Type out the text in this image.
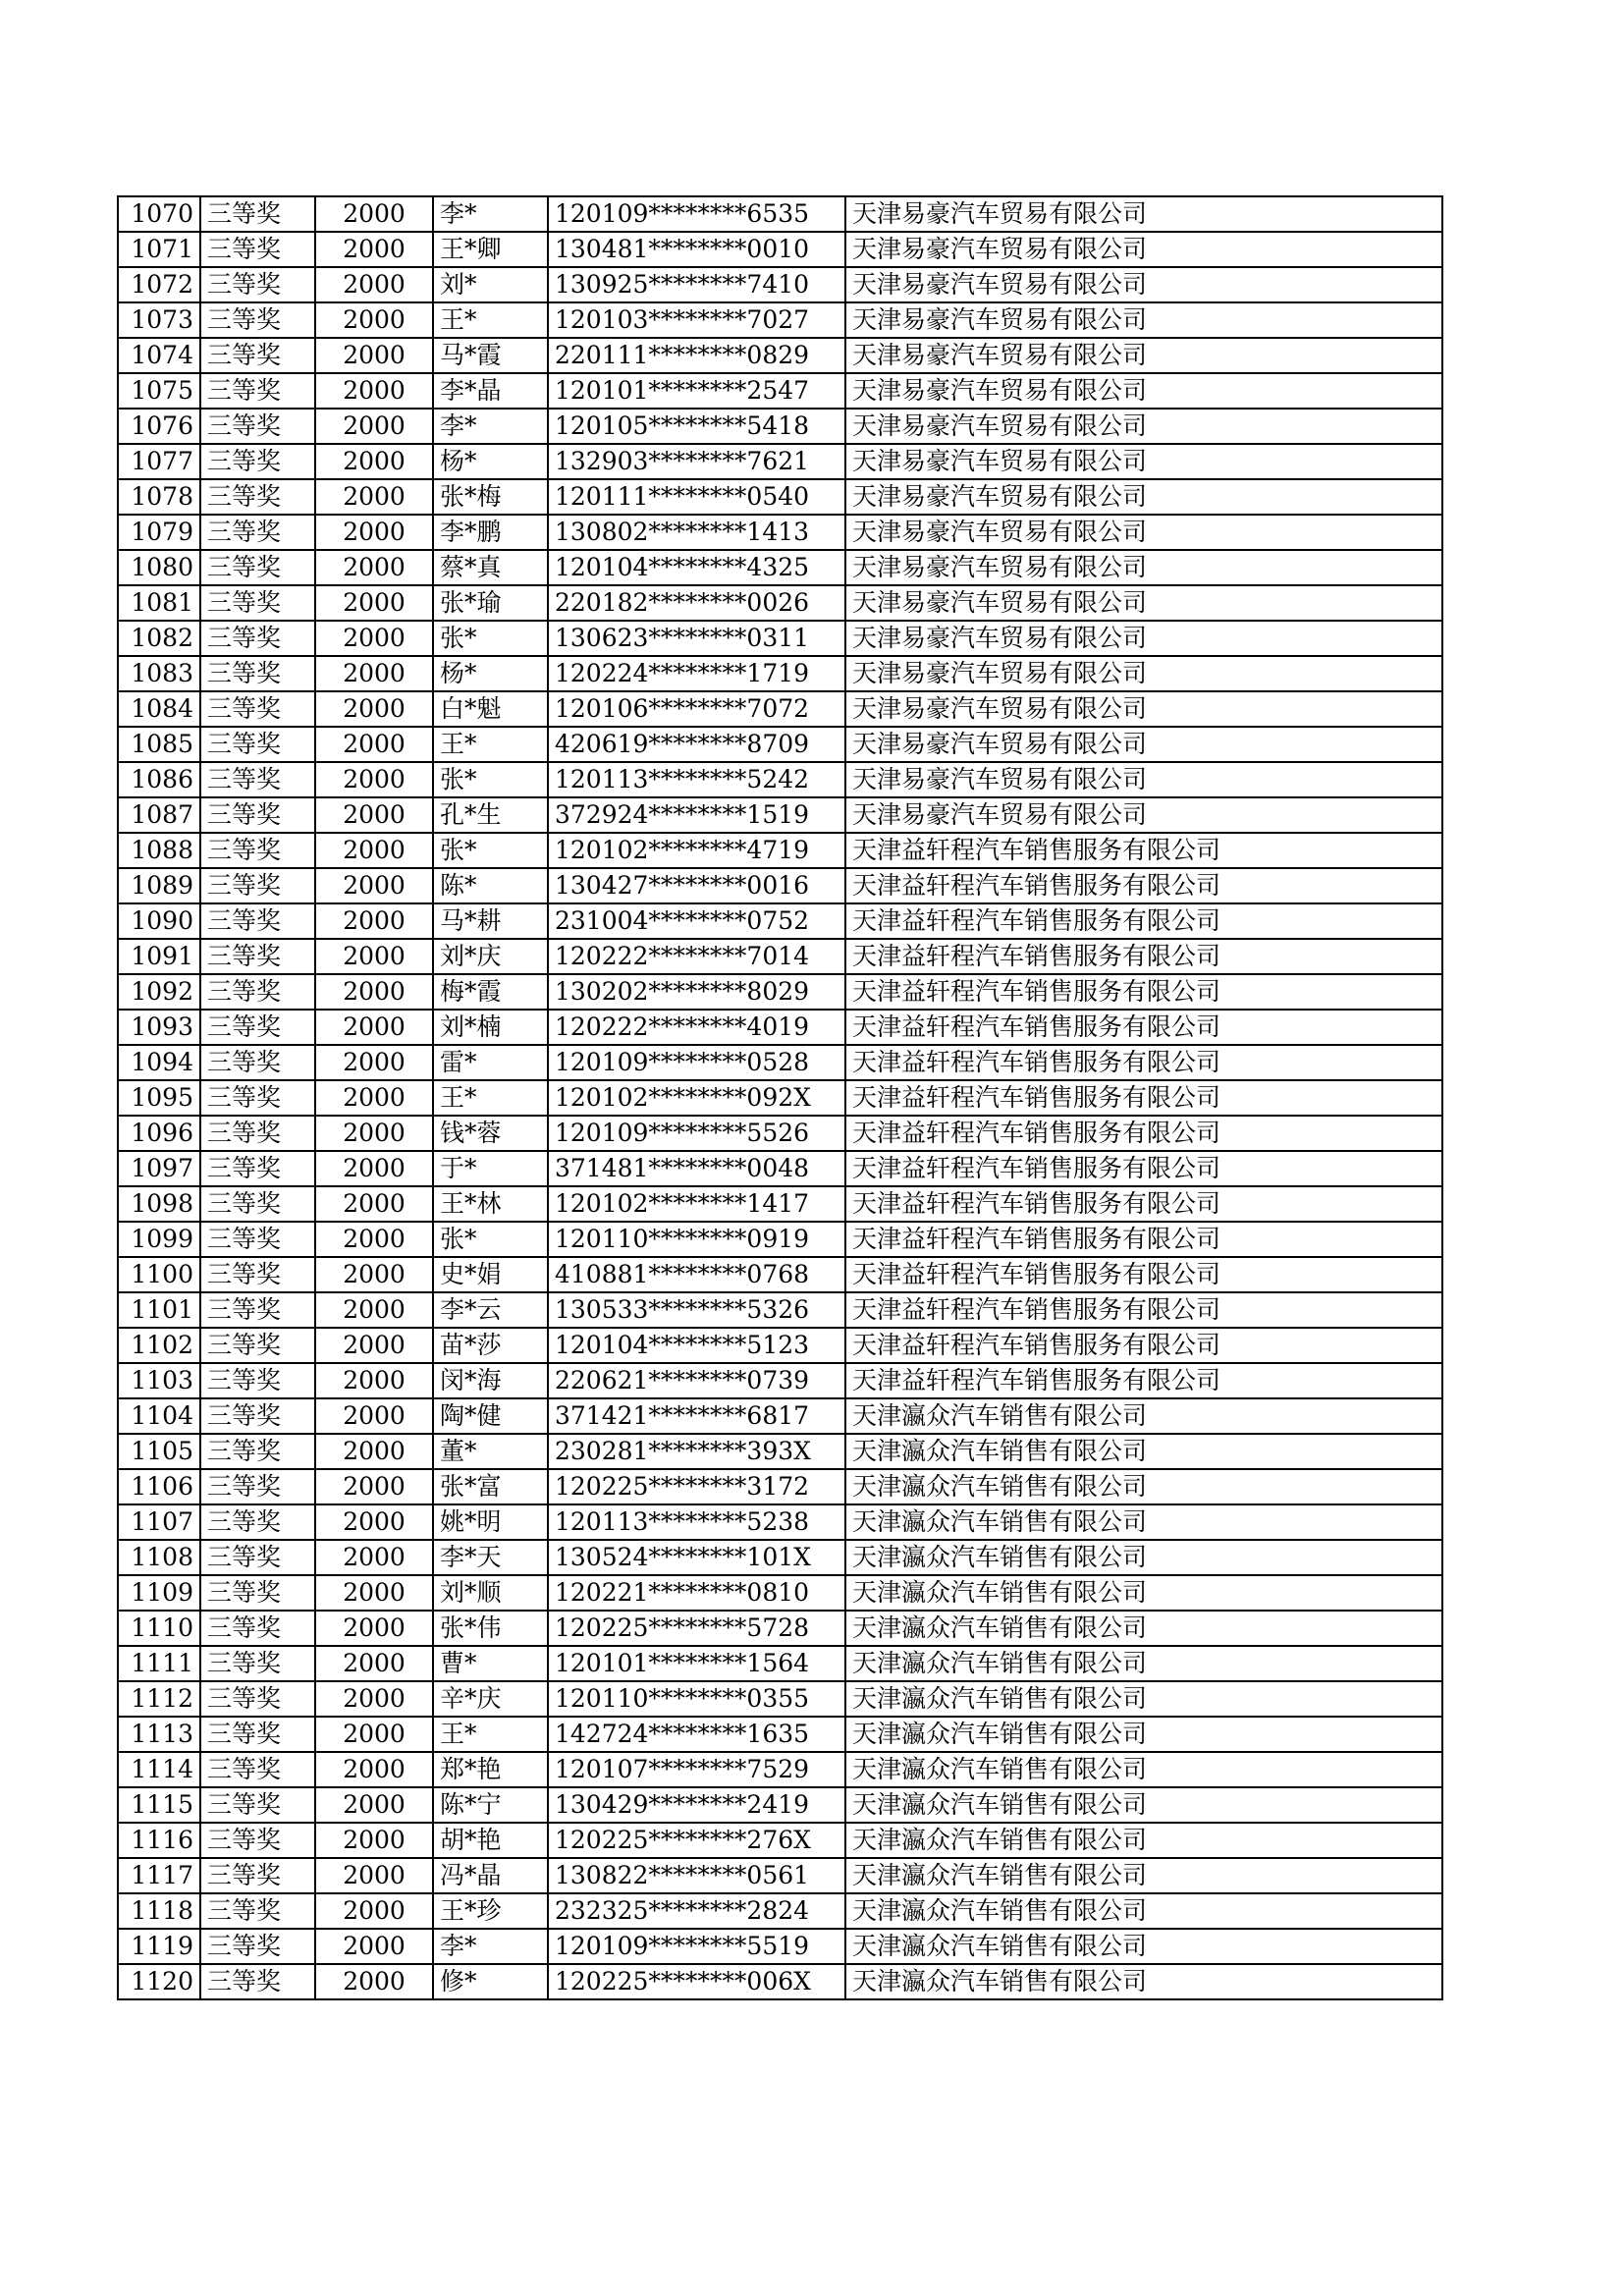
1070	三等奖	2000	李*	120109********6535	天津易豪汽车贸易有限公司
1071	三等奖	2000	王*卿	130481********0010	天津易豪汽车贸易有限公司
1072	三等奖	2000	刘*	130925********7410	天津易豪汽车贸易有限公司
1073	三等奖	2000	王*	120103********7027	天津易豪汽车贸易有限公司
1074	三等奖	2000	马*霞	220111********0829	天津易豪汽车贸易有限公司
1075	三等奖	2000	李*晶	120101********2547	天津易豪汽车贸易有限公司
1076	三等奖	2000	李*	120105********5418	天津易豪汽车贸易有限公司
1077	三等奖	2000	杨*	132903********7621	天津易豪汽车贸易有限公司
1078	三等奖	2000	张*梅	120111********0540	天津易豪汽车贸易有限公司
1079	三等奖	2000	李*鹏	130802********1413	天津易豪汽车贸易有限公司
1080	三等奖	2000	蔡*真	120104********4325	天津易豪汽车贸易有限公司
1081	三等奖	2000	张*瑜	220182********0026	天津易豪汽车贸易有限公司
1082	三等奖	2000	张*	130623********0311	天津易豪汽车贸易有限公司
1083	三等奖	2000	杨*	120224********1719	天津易豪汽车贸易有限公司
1084	三等奖	2000	白*魁	120106********7072	天津易豪汽车贸易有限公司
1085	三等奖	2000	王*	420619********8709	天津易豪汽车贸易有限公司
1086	三等奖	2000	张*	120113********5242	天津易豪汽车贸易有限公司
1087	三等奖	2000	孔*生	372924********1519	天津易豪汽车贸易有限公司
1088	三等奖	2000	张*	120102********4719	天津益轩程汽车销售服务有限公司
1089	三等奖	2000	陈*	130427********0016	天津益轩程汽车销售服务有限公司
1090	三等奖	2000	马*耕	231004********0752	天津益轩程汽车销售服务有限公司
1091	三等奖	2000	刘*庆	120222********7014	天津益轩程汽车销售服务有限公司
1092	三等奖	2000	梅*霞	130202********8029	天津益轩程汽车销售服务有限公司
1093	三等奖	2000	刘*楠	120222********4019	天津益轩程汽车销售服务有限公司
1094	三等奖	2000	雷*	120109********0528	天津益轩程汽车销售服务有限公司
1095	三等奖	2000	王*	120102********092X	天津益轩程汽车销售服务有限公司
1096	三等奖	2000	钱*蓉	120109********5526	天津益轩程汽车销售服务有限公司
1097	三等奖	2000	于*	371481********0048	天津益轩程汽车销售服务有限公司
1098	三等奖	2000	王*林	120102********1417	天津益轩程汽车销售服务有限公司
1099	三等奖	2000	张*	120110********0919	天津益轩程汽车销售服务有限公司
1100	三等奖	2000	史*娟	410881********0768	天津益轩程汽车销售服务有限公司
1101	三等奖	2000	李*云	130533********5326	天津益轩程汽车销售服务有限公司
1102	三等奖	2000	苗*莎	120104********5123	天津益轩程汽车销售服务有限公司
1103	三等奖	2000	闵*海	220621********0739	天津益轩程汽车销售服务有限公司
1104	三等奖	2000	陶*健	371421********6817	天津瀛众汽车销售有限公司
1105	三等奖	2000	董*	230281********393X	天津瀛众汽车销售有限公司
1106	三等奖	2000	张*富	120225********3172	天津瀛众汽车销售有限公司
1107	三等奖	2000	姚*明	120113********5238	天津瀛众汽车销售有限公司
1108	三等奖	2000	李*天	130524********101X	天津瀛众汽车销售有限公司
1109	三等奖	2000	刘*顺	120221********0810	天津瀛众汽车销售有限公司
1110	三等奖	2000	张*伟	120225********5728	天津瀛众汽车销售有限公司
1111	三等奖	2000	曹*	120101********1564	天津瀛众汽车销售有限公司
1112	三等奖	2000	辛*庆	120110********0355	天津瀛众汽车销售有限公司
1113	三等奖	2000	王*	142724********1635	天津瀛众汽车销售有限公司
1114	三等奖	2000	郑*艳	120107********7529	天津瀛众汽车销售有限公司
1115	三等奖	2000	陈*宁	130429********2419	天津瀛众汽车销售有限公司
1116	三等奖	2000	胡*艳	120225********276X	天津瀛众汽车销售有限公司
1117	三等奖	2000	冯*晶	130822********0561	天津瀛众汽车销售有限公司
1118	三等奖	2000	王*珍	232325********2824	天津瀛众汽车销售有限公司
1119	三等奖	2000	李*	120109********5519	天津瀛众汽车销售有限公司
1120	三等奖	2000	修*	120225********006X	天津瀛众汽车销售有限公司
